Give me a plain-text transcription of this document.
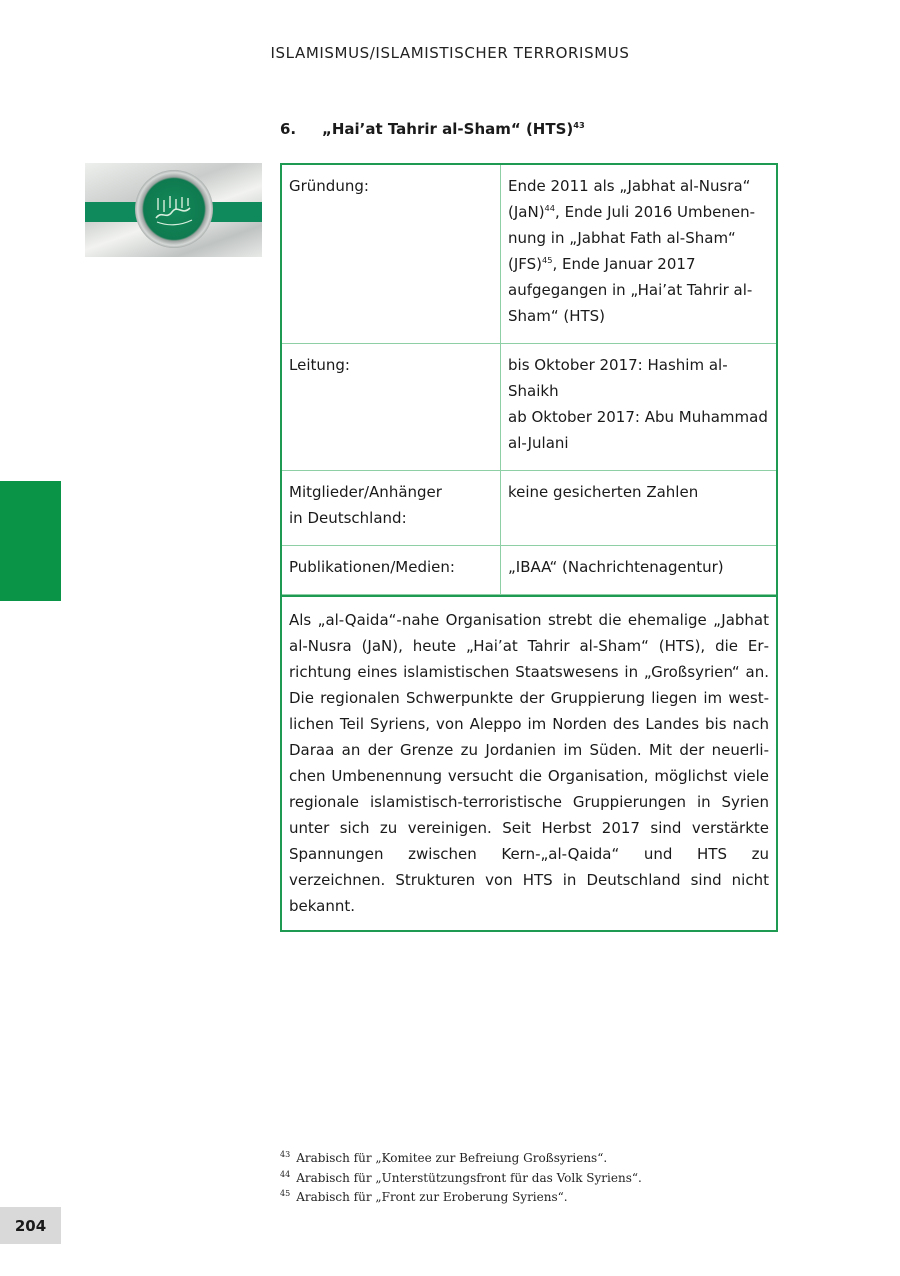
ISLAMISMUS/ISLAMISTISCHER TERRORISMUS
6. „Hai’at Tahrir al-Sham“ (HTS)$^{43}$
Gründung:	Ende 2011 als „Jabhat al-Nusra“ (JaN)$^{44}$, Ende Juli 2016 Umbenennung in „Jabhat Fath al-Sham“ (JFS)$^{45}$, Ende Januar 2017 aufgegangen in „Hai’at Tahrir al-Sham“ (HTS)
Leitung:	bis Oktober 2017: Hashim al-Shaikh
ab Oktober 2017: Abu Muhammad al-Julani
Mitglieder/Anhänger
in Deutschland:	keine gesicherten Zahlen
Publikationen/Medien:	„IBAA“ (Nachrichtenagentur)
Als „al-Qaida“-nahe Organisation strebt die ehemalige „Jabhat al-Nusra (JaN), heute „Hai’at Tahrir al-Sham“ (HTS), die Errichtung eines islamistischen Staatswesens in „Großsyrien“ an. Die regionalen Schwerpunkte der Gruppierung liegen im westlichen Teil Syriens, von Aleppo im Norden des Landes bis nach Daraa an der Grenze zu Jordanien im Süden. Mit der neuerlichen Umbenennung versucht die Organisation, möglichst viele regionale islamistisch-terroristische Gruppierungen in Syrien unter sich zu vereinigen. Seit Herbst 2017 sind verstärkte Spannungen zwischen Kern-„al-Qaida“ und HTS zu verzeichnen. Strukturen von HTS in Deutschland sind nicht bekannt.
$^{43}$ Arabisch für „Komitee zur Befreiung Großsyriens“.
$^{44}$ Arabisch für „Unterstützungsfront für das Volk Syriens“.
$^{45}$ Arabisch für „Front zur Eroberung Syriens“.
204
